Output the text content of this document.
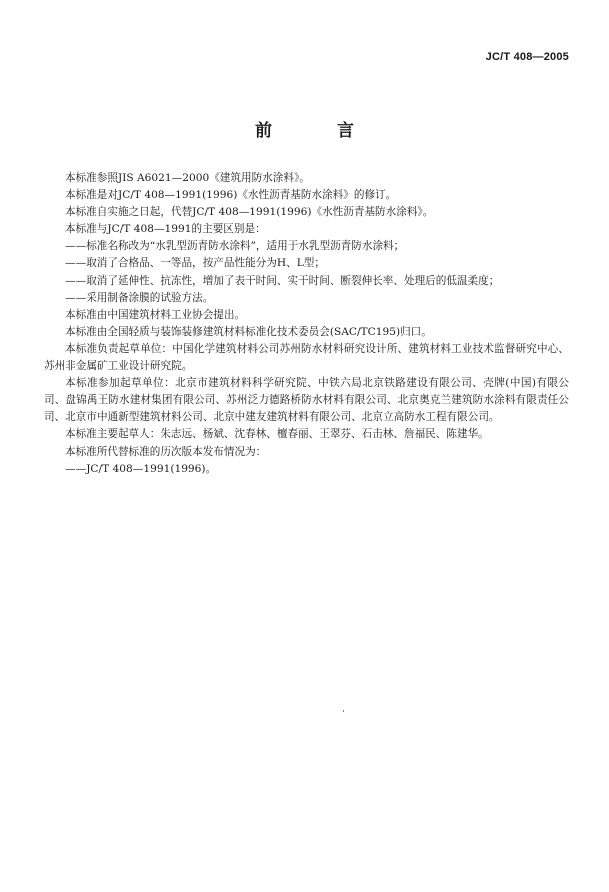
JC/T 408—2005
前　言

本标准参照JIS A6021—2000《建筑用防水涂料》。

本标准是对JC/T 408—1991(1996)《水性沥青基防水涂料》的修订。

本标准自实施之日起，代替JC/T 408—1991(1996)《水性沥青基防水涂料》。

本标准与JC/T 408—1991的主要区别是：

——标准名称改为“水乳型沥青防水涂料”，适用于水乳型沥青防水涂料；

——取消了合格品、一等品，按产品性能分为H、L型；

——取消了延伸性、抗冻性，增加了表干时间、实干时间、断裂伸长率、处理后的低温柔度；

——采用制备涂膜的试验方法。

本标准由中国建筑材料工业协会提出。

本标准由全国轻质与装饰装修建筑材料标准化技术委员会(SAC/TC195)归口。

本标准负责起草单位：中国化学建筑材料公司苏州防水材料研究设计所、建筑材料工业技术监督研究中心、苏州非金属矿工业设计研究院。

本标准参加起草单位：北京市建筑材料科学研究院、中铁六局北京铁路建设有限公司、壳牌(中国)有限公司、盘锦禹王防水建材集团有限公司、苏州泛力德路桥防水材料有限公司、北京奥克兰建筑防水涂料有限责任公司、北京市中通新型建筑材料公司、北京中建友建筑材料有限公司、北京立高防水工程有限公司。

本标准主要起草人：朱志远、杨斌、沈春林、檀春丽、王翠芬、石击林、詹福民、陈建华。

本标准所代替标准的历次版本发布情况为：

——JC/T 408—1991(1996)。
